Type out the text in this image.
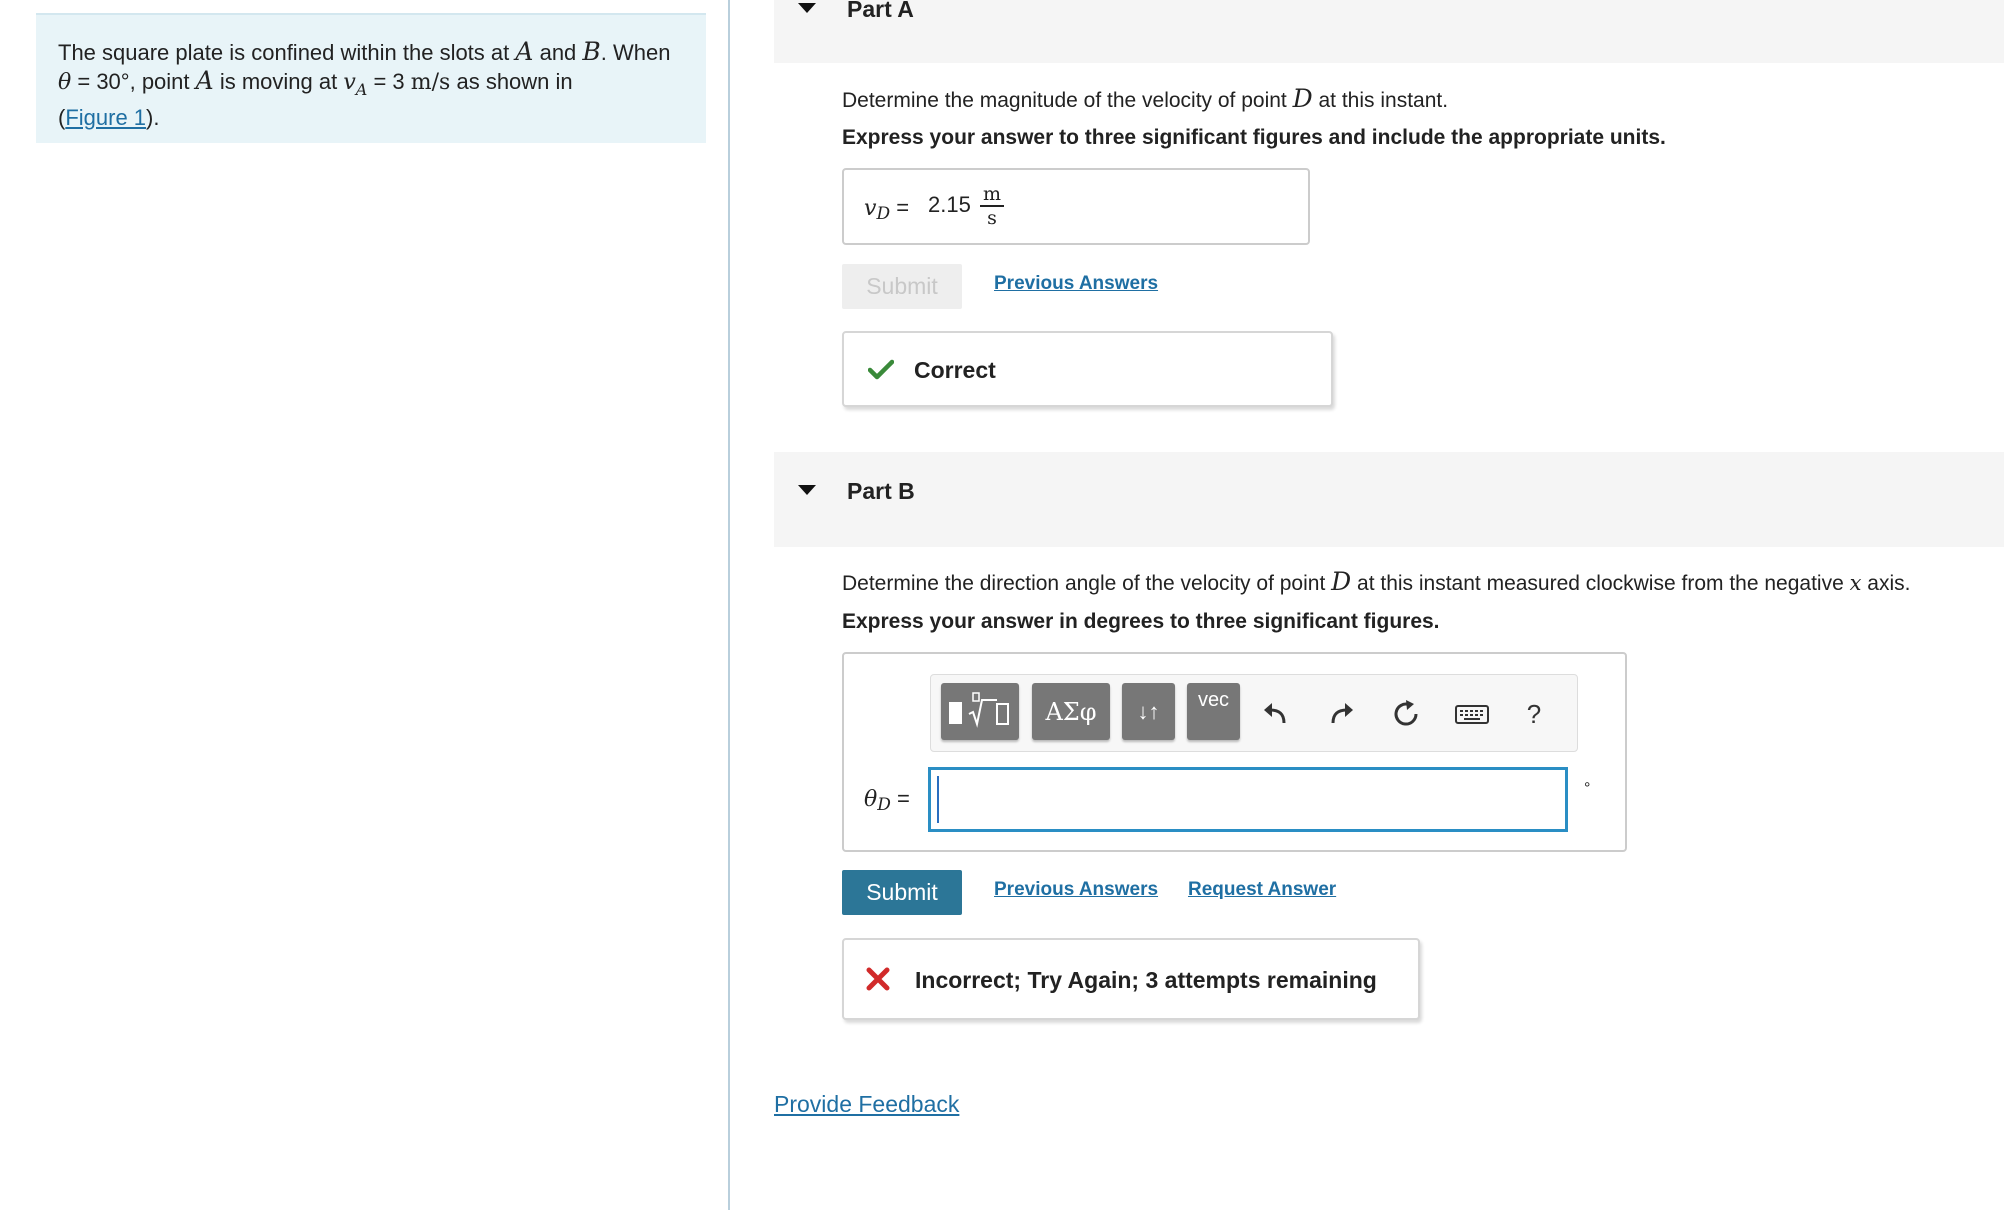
The square plate is confined within the slots at A and B. When
θ = 30°, point A is moving at $v_A = 3$ m/s as shown in
(Figure 1).
Part A
Determine the magnitude of the velocity of point D at this instant.
Express your answer to three significant figures and include the appropriate units.
vD = 2.15 m
s
Submit	Previous Answers
Correct
Part B
Determine the direction angle of the velocity of point D at this instant measured clockwise from the negative x axis.
Express your answer in degrees to three significant figures.
ΑΣφ	↓↑	vec	?
θD =	°
Submit	Previous Answers Request Answer
Incorrect; Try Again; 3 attempts remaining
Provide Feedback
